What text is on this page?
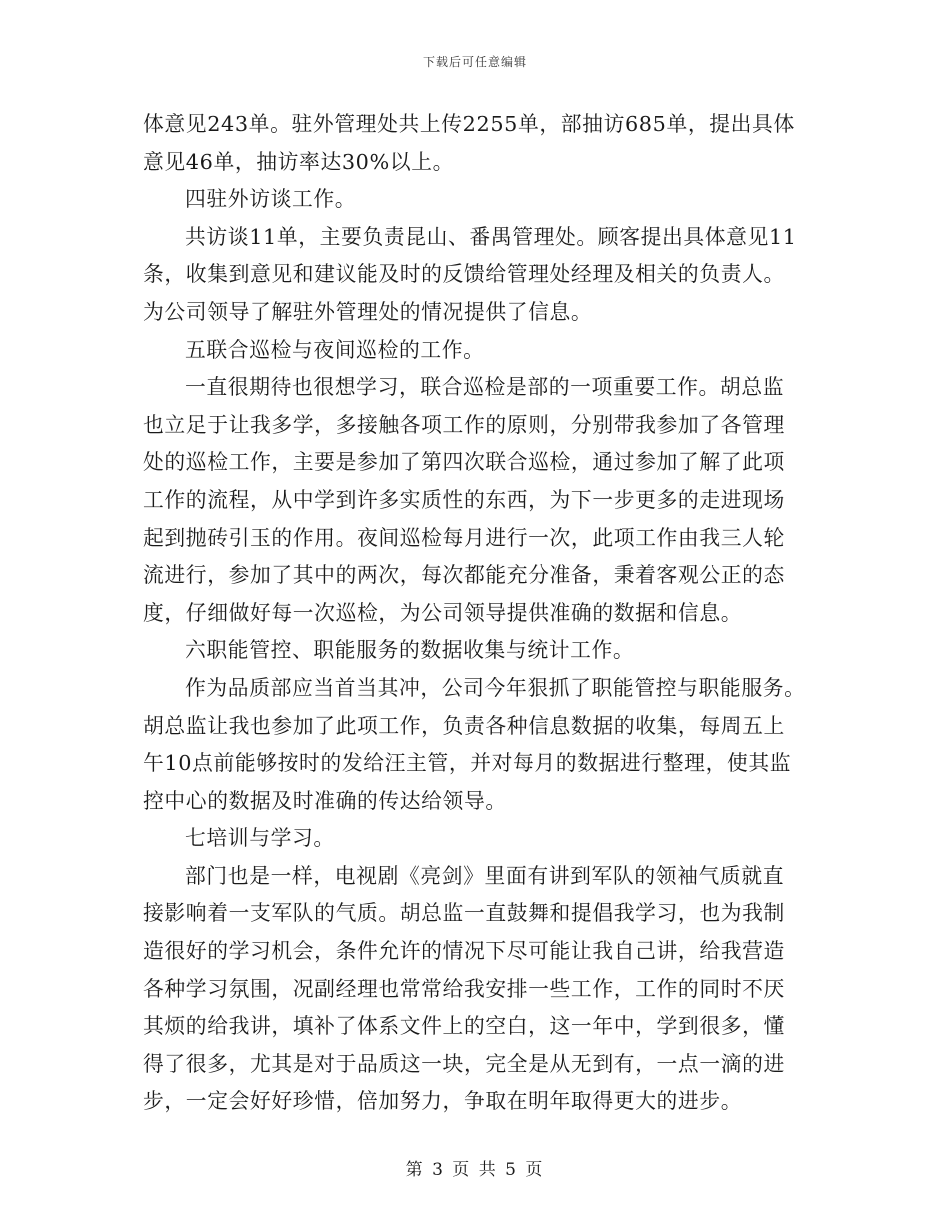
下载后可任意编辑
体意见243单。驻外管理处共上传2255单，部抽访685单，提出具体
意见46单，抽访率达30%以上。
四驻外访谈工作。
共访谈11单，主要负责昆山、番禺管理处。顾客提出具体意见11
条，收集到意见和建议能及时的反馈给管理处经理及相关的负责人。
为公司领导了解驻外管理处的情况提供了信息。
五联合巡检与夜间巡检的工作。
一直很期待也很想学习，联合巡检是部的一项重要工作。胡总监
也立足于让我多学，多接触各项工作的原则，分别带我参加了各管理
处的巡检工作，主要是参加了第四次联合巡检，通过参加了解了此项
工作的流程，从中学到许多实质性的东西，为下一步更多的走进现场
起到抛砖引玉的作用。夜间巡检每月进行一次，此项工作由我三人轮
流进行，参加了其中的两次，每次都能充分准备，秉着客观公正的态
度，仔细做好每一次巡检，为公司领导提供准确的数据和信息。
六职能管控、职能服务的数据收集与统计工作。
作为品质部应当首当其冲，公司今年狠抓了职能管控与职能服务。
胡总监让我也参加了此项工作，负责各种信息数据的收集，每周五上
午10点前能够按时的发给汪主管，并对每月的数据进行整理，使其监
控中心的数据及时准确的传达给领导。
七培训与学习。
部门也是一样，电视剧《亮剑》里面有讲到军队的领袖气质就直
接影响着一支军队的气质。胡总监一直鼓舞和提倡我学习，也为我制
造很好的学习机会，条件允许的情况下尽可能让我自己讲，给我营造
各种学习氛围，况副经理也常常给我安排一些工作，工作的同时不厌
其烦的给我讲，填补了体系文件上的空白，这一年中，学到很多，懂
得了很多，尤其是对于品质这一块，完全是从无到有，一点一滴的进
步，一定会好好珍惜，倍加努力，争取在明年取得更大的进步。
第 3 页 共 5 页
